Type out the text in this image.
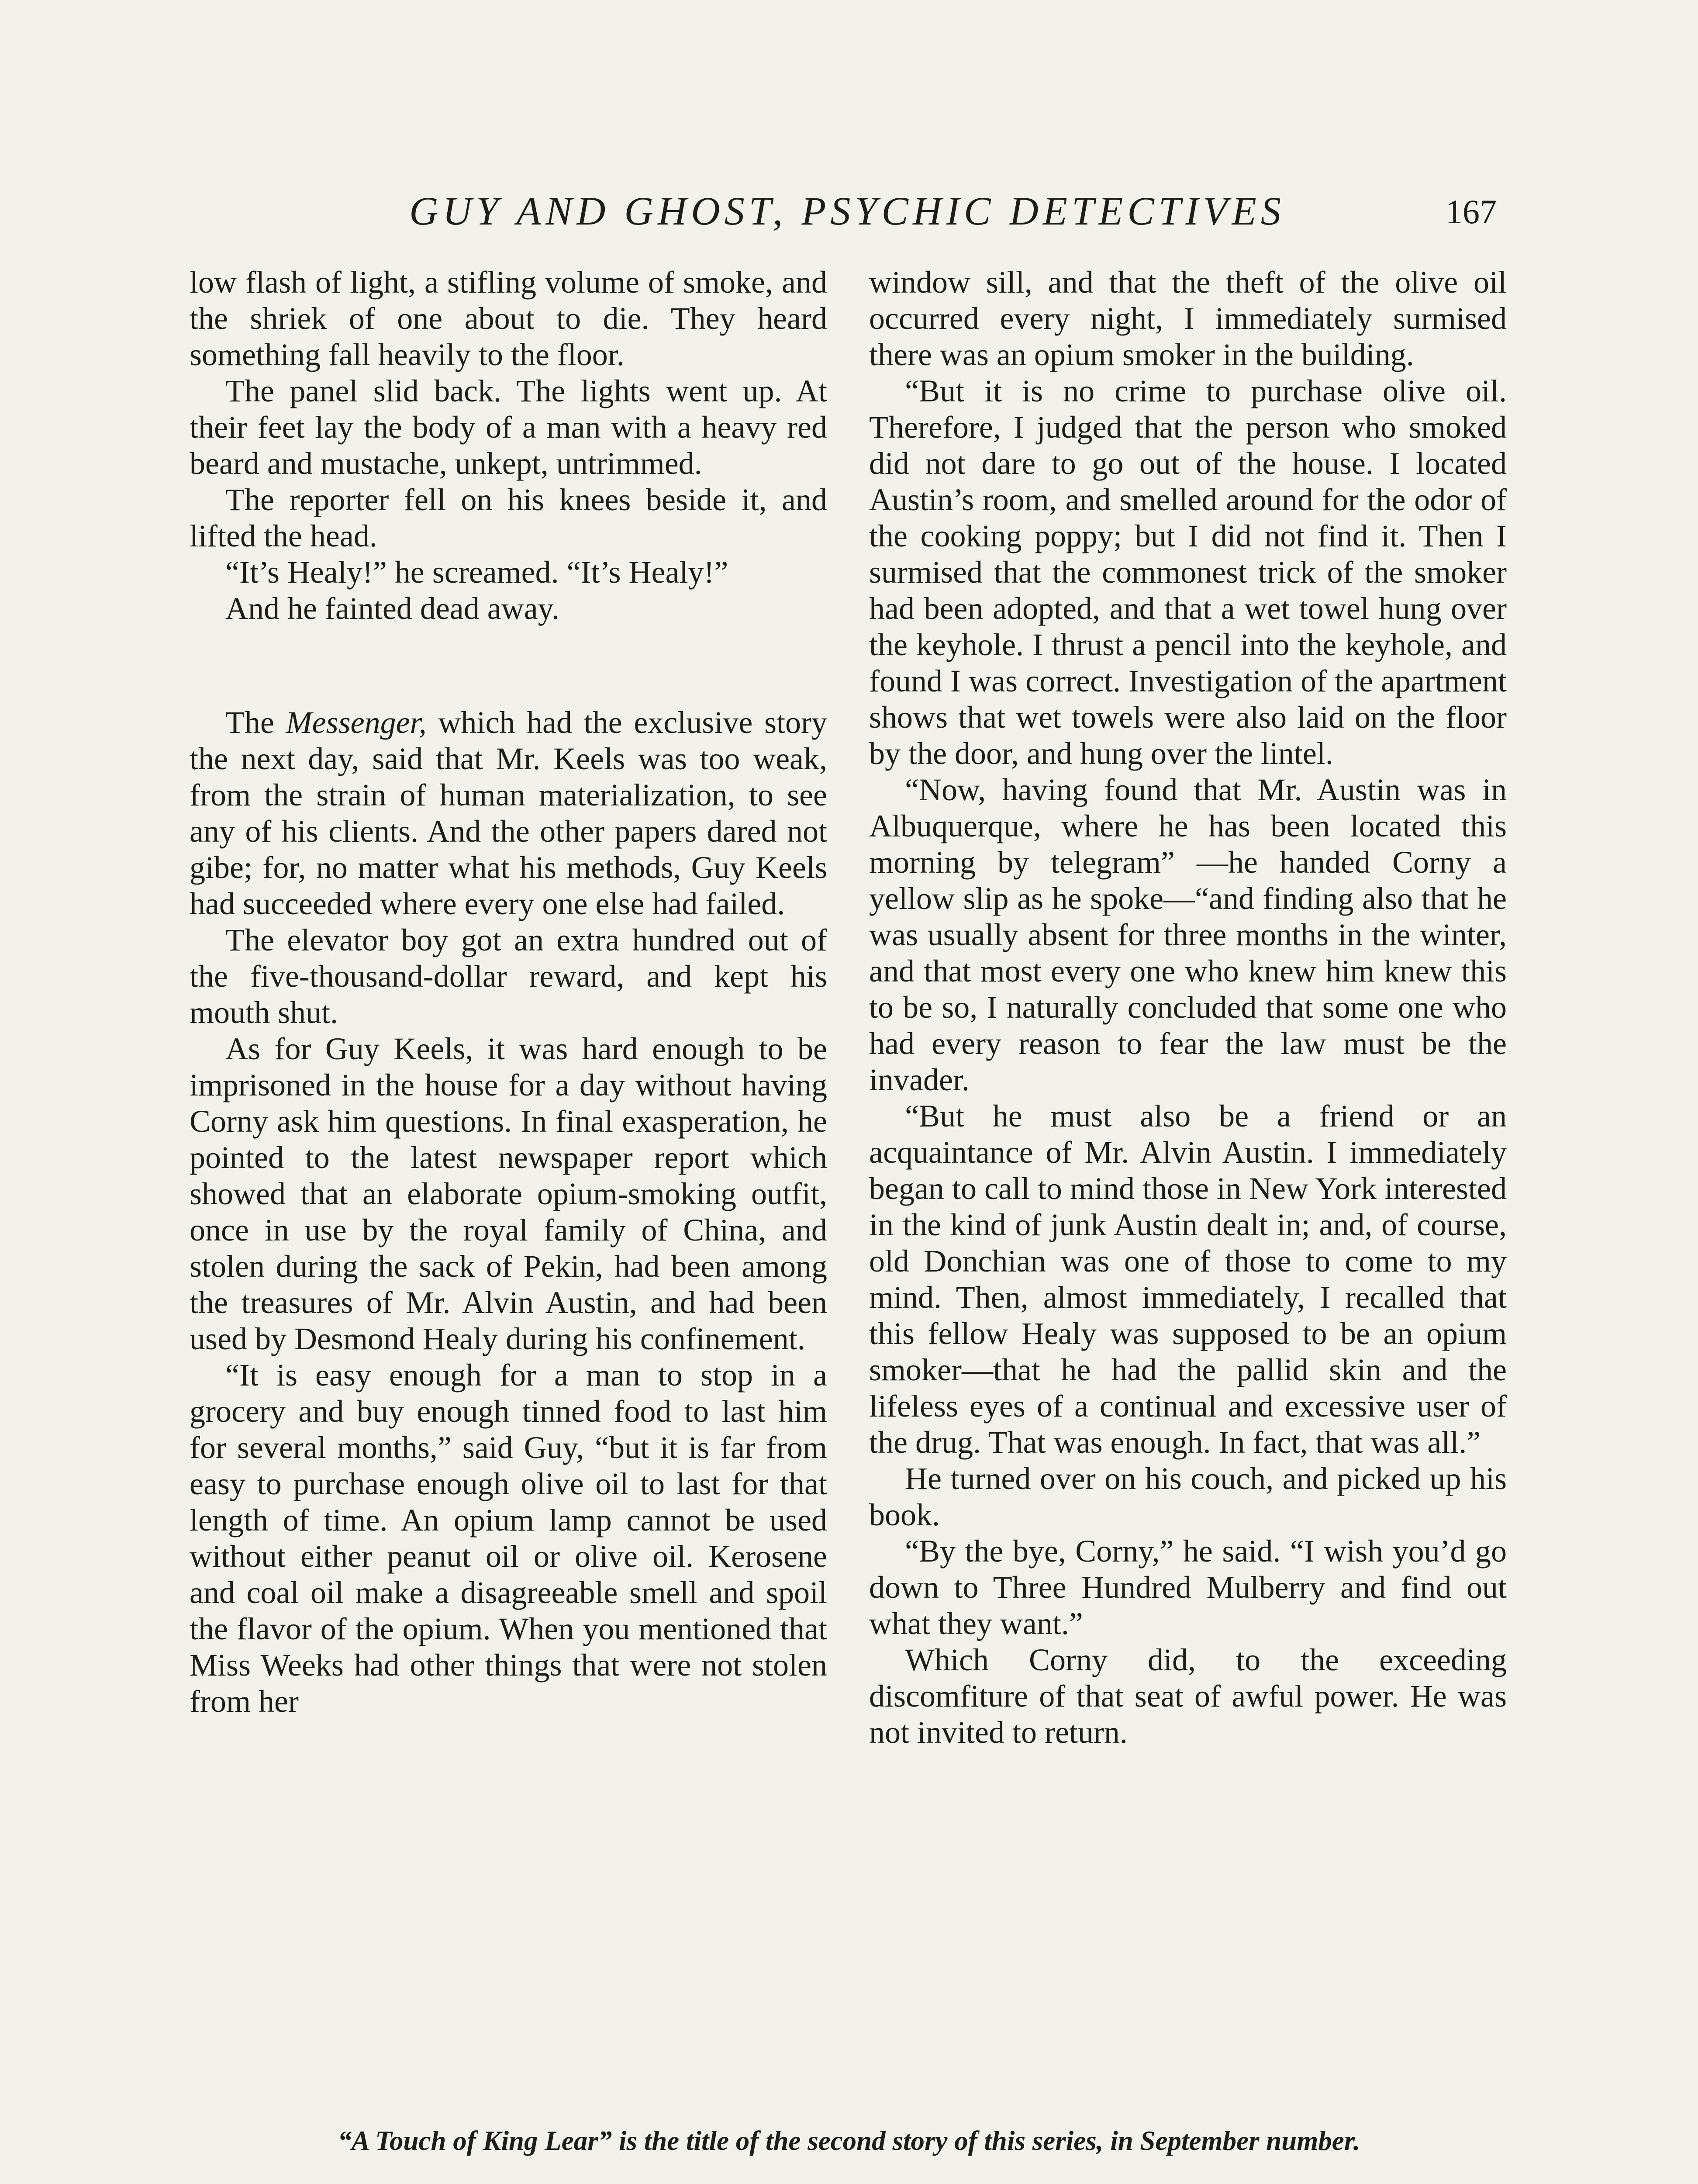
GUY AND GHOST, PSYCHIC DETECTIVES	167

low flash of light, a stifling volume of smoke, and the shriek of one about to die. They heard something fall heavily to the floor.

The panel slid back. The lights went up. At their feet lay the body of a man with a heavy red beard and mustache, unkept, untrimmed.

The reporter fell on his knees beside it, and lifted the head.

“It’s Healy!” he screamed. “It’s Healy!”

And he fainted dead away.

The Messenger, which had the exclusive story the next day, said that Mr. Keels was too weak, from the strain of human materialization, to see any of his clients. And the other papers dared not gibe; for, no matter what his methods, Guy Keels had succeeded where every one else had failed.

The elevator boy got an extra hundred out of the five-thousand-dollar reward, and kept his mouth shut.

As for Guy Keels, it was hard enough to be imprisoned in the house for a day without having Corny ask him questions. In final exasperation, he pointed to the latest newspaper report which showed that an elaborate opium-smoking outfit, once in use by the royal family of China, and stolen during the sack of Pekin, had been among the treasures of Mr. Alvin Austin, and had been used by Desmond Healy during his confinement.

“It is easy enough for a man to stop in a grocery and buy enough tinned food to last him for several months,” said Guy, “but it is far from easy to purchase enough olive oil to last for that length of time. An opium lamp cannot be used without either peanut oil or olive oil. Kerosene and coal oil make a disagreeable smell and spoil the flavor of the opium. When you mentioned that Miss Weeks had other things that were not stolen from her

window sill, and that the theft of the olive oil occurred every night, I immediately surmised there was an opium smoker in the building.

“But it is no crime to purchase olive oil. Therefore, I judged that the person who smoked did not dare to go out of the house. I located Austin’s room, and smelled around for the odor of the cooking poppy; but I did not find it. Then I surmised that the commonest trick of the smoker had been adopted, and that a wet towel hung over the keyhole. I thrust a pencil into the keyhole, and found I was correct. Investigation of the apartment shows that wet towels were also laid on the floor by the door, and hung over the lintel.

“Now, having found that Mr. Austin was in Albuquerque, where he has been located this morning by telegram” —he handed Corny a yellow slip as he spoke—“and finding also that he was usually absent for three months in the winter, and that most every one who knew him knew this to be so, I naturally concluded that some one who had every reason to fear the law must be the invader.

“But he must also be a friend or an acquaintance of Mr. Alvin Austin. I immediately began to call to mind those in New York interested in the kind of junk Austin dealt in; and, of course, old Donchian was one of those to come to my mind. Then, almost immediately, I recalled that this fellow Healy was supposed to be an opium smoker—that he had the pallid skin and the lifeless eyes of a continual and excessive user of the drug. That was enough. In fact, that was all.”

He turned over on his couch, and picked up his book.

“By the bye, Corny,” he said. “I wish you’d go down to Three Hundred Mulberry and find out what they want.”

Which Corny did, to the exceeding discomfiture of that seat of awful power. He was not invited to return.

“A Touch of King Lear” is the title of the second story of this series, in September number.
